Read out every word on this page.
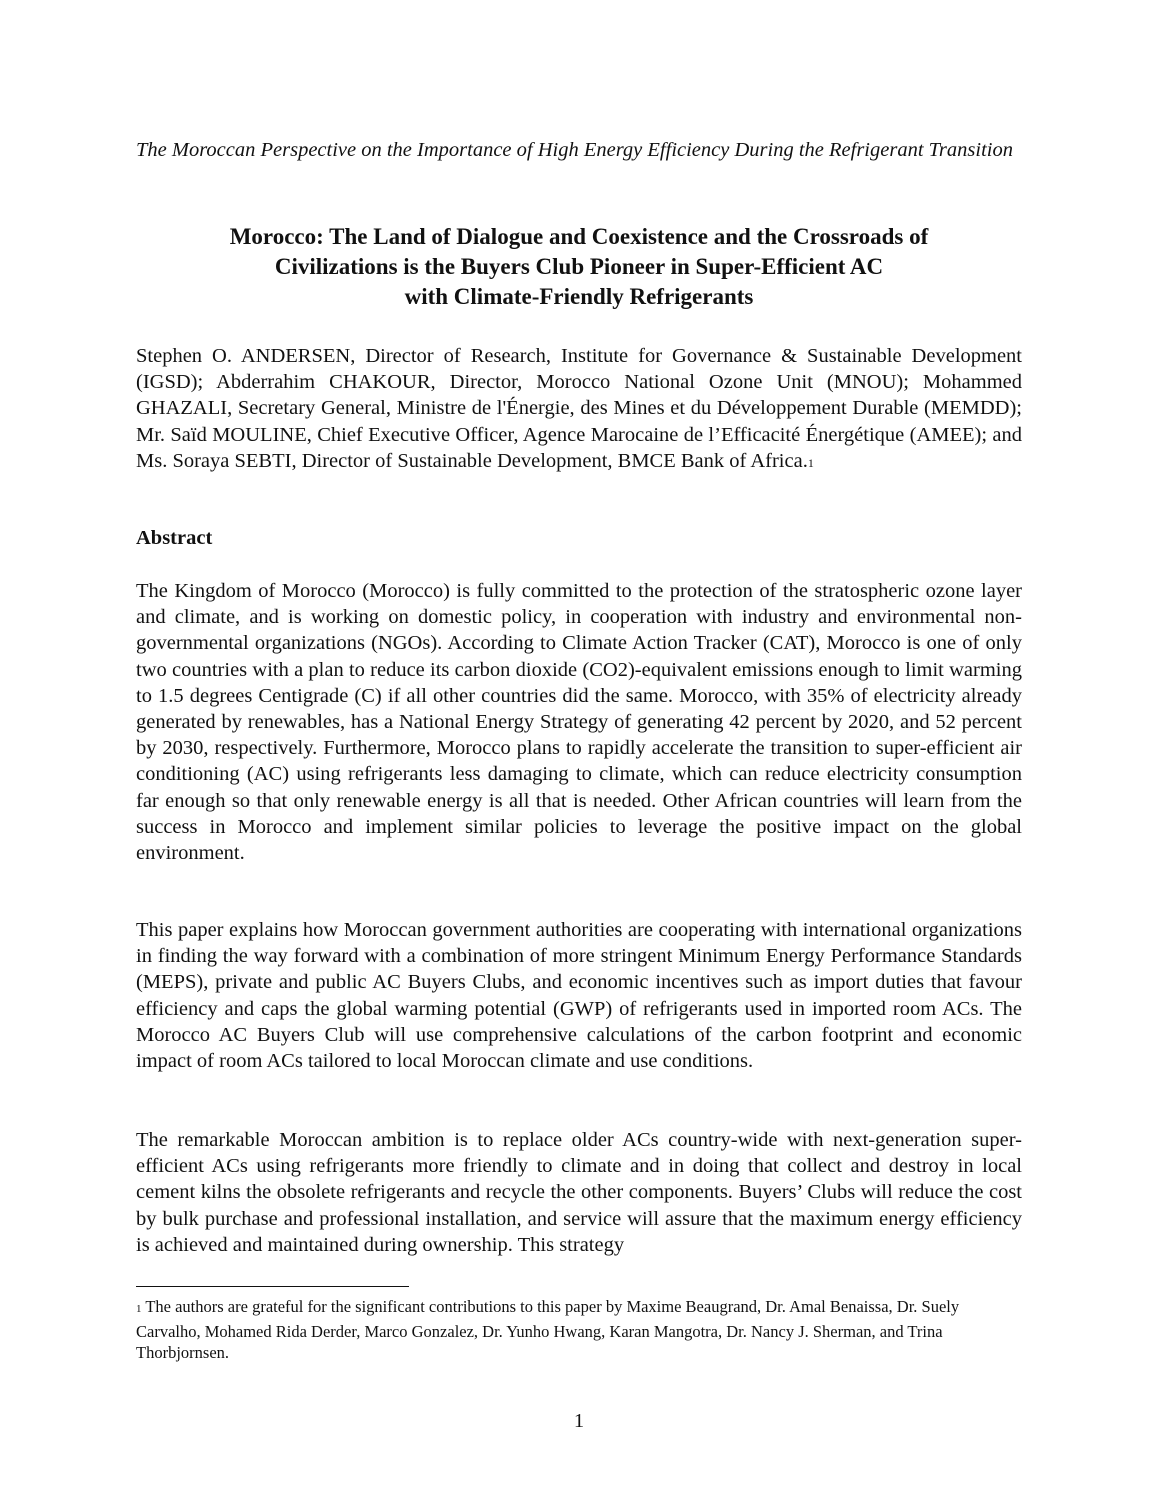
The Moroccan Perspective on the Importance of High Energy Efficiency During the Refrigerant Transition

Morocco: The Land of Dialogue and Coexistence and the Crossroads of
Civilizations is the Buyers Club Pioneer in Super-Efficient AC
with Climate-Friendly Refrigerants

Stephen O. ANDERSEN, Director of Research, Institute for Governance & Sustainable Development (IGSD); Abderrahim CHAKOUR, Director, Morocco National Ozone Unit (MNOU); Mohammed GHAZALI, Secretary General, Ministre de l'Énergie, des Mines et du Développement Durable (MEMDD); Mr. Saïd MOULINE, Chief Executive Officer, Agence Marocaine de l’Efficacité Énergétique (AMEE); and Ms. Soraya SEBTI, Director of Sustainable Development, BMCE Bank of Africa.1

Abstract

The Kingdom of Morocco (Morocco) is fully committed to the protection of the stratospheric ozone layer and climate, and is working on domestic policy, in cooperation with industry and environmental non-governmental organizations (NGOs). According to Climate Action Tracker (CAT), Morocco is one of only two countries with a plan to reduce its carbon dioxide (CO2)-equivalent emissions enough to limit warming to 1.5 degrees Centigrade (C) if all other countries did the same. Morocco, with 35% of electricity already generated by renewables, has a National Energy Strategy of generating 42 percent by 2020, and 52 percent by 2030, respectively. Furthermore, Morocco plans to rapidly accelerate the transition to super-efficient air conditioning (AC) using refrigerants less damaging to climate, which can reduce electricity consumption far enough so that only renewable energy is all that is needed. Other African countries will learn from the success in Morocco and implement similar policies to leverage the positive impact on the global environment.

This paper explains how Moroccan government authorities are cooperating with international organizations in finding the way forward with a combination of more stringent Minimum Energy Performance Standards (MEPS), private and public AC Buyers Clubs, and economic incentives such as import duties that favour efficiency and caps the global warming potential (GWP) of refrigerants used in imported room ACs. The Morocco AC Buyers Club will use comprehensive calculations of the carbon footprint and economic impact of room ACs tailored to local Moroccan climate and use conditions.

The remarkable Moroccan ambition is to replace older ACs country-wide with next-generation super-efficient ACs using refrigerants more friendly to climate and in doing that collect and destroy in local cement kilns the obsolete refrigerants and recycle the other components. Buyers’ Clubs will reduce the cost by bulk purchase and professional installation, and service will assure that the maximum energy efficiency is achieved and maintained during ownership. This strategy

1 The authors are grateful for the significant contributions to this paper by Maxime Beaugrand, Dr. Amal Benaissa, Dr. Suely Carvalho, Mohamed Rida Derder, Marco Gonzalez, Dr. Yunho Hwang, Karan Mangotra, Dr. Nancy J. Sherman, and Trina Thorbjornsen.

1
